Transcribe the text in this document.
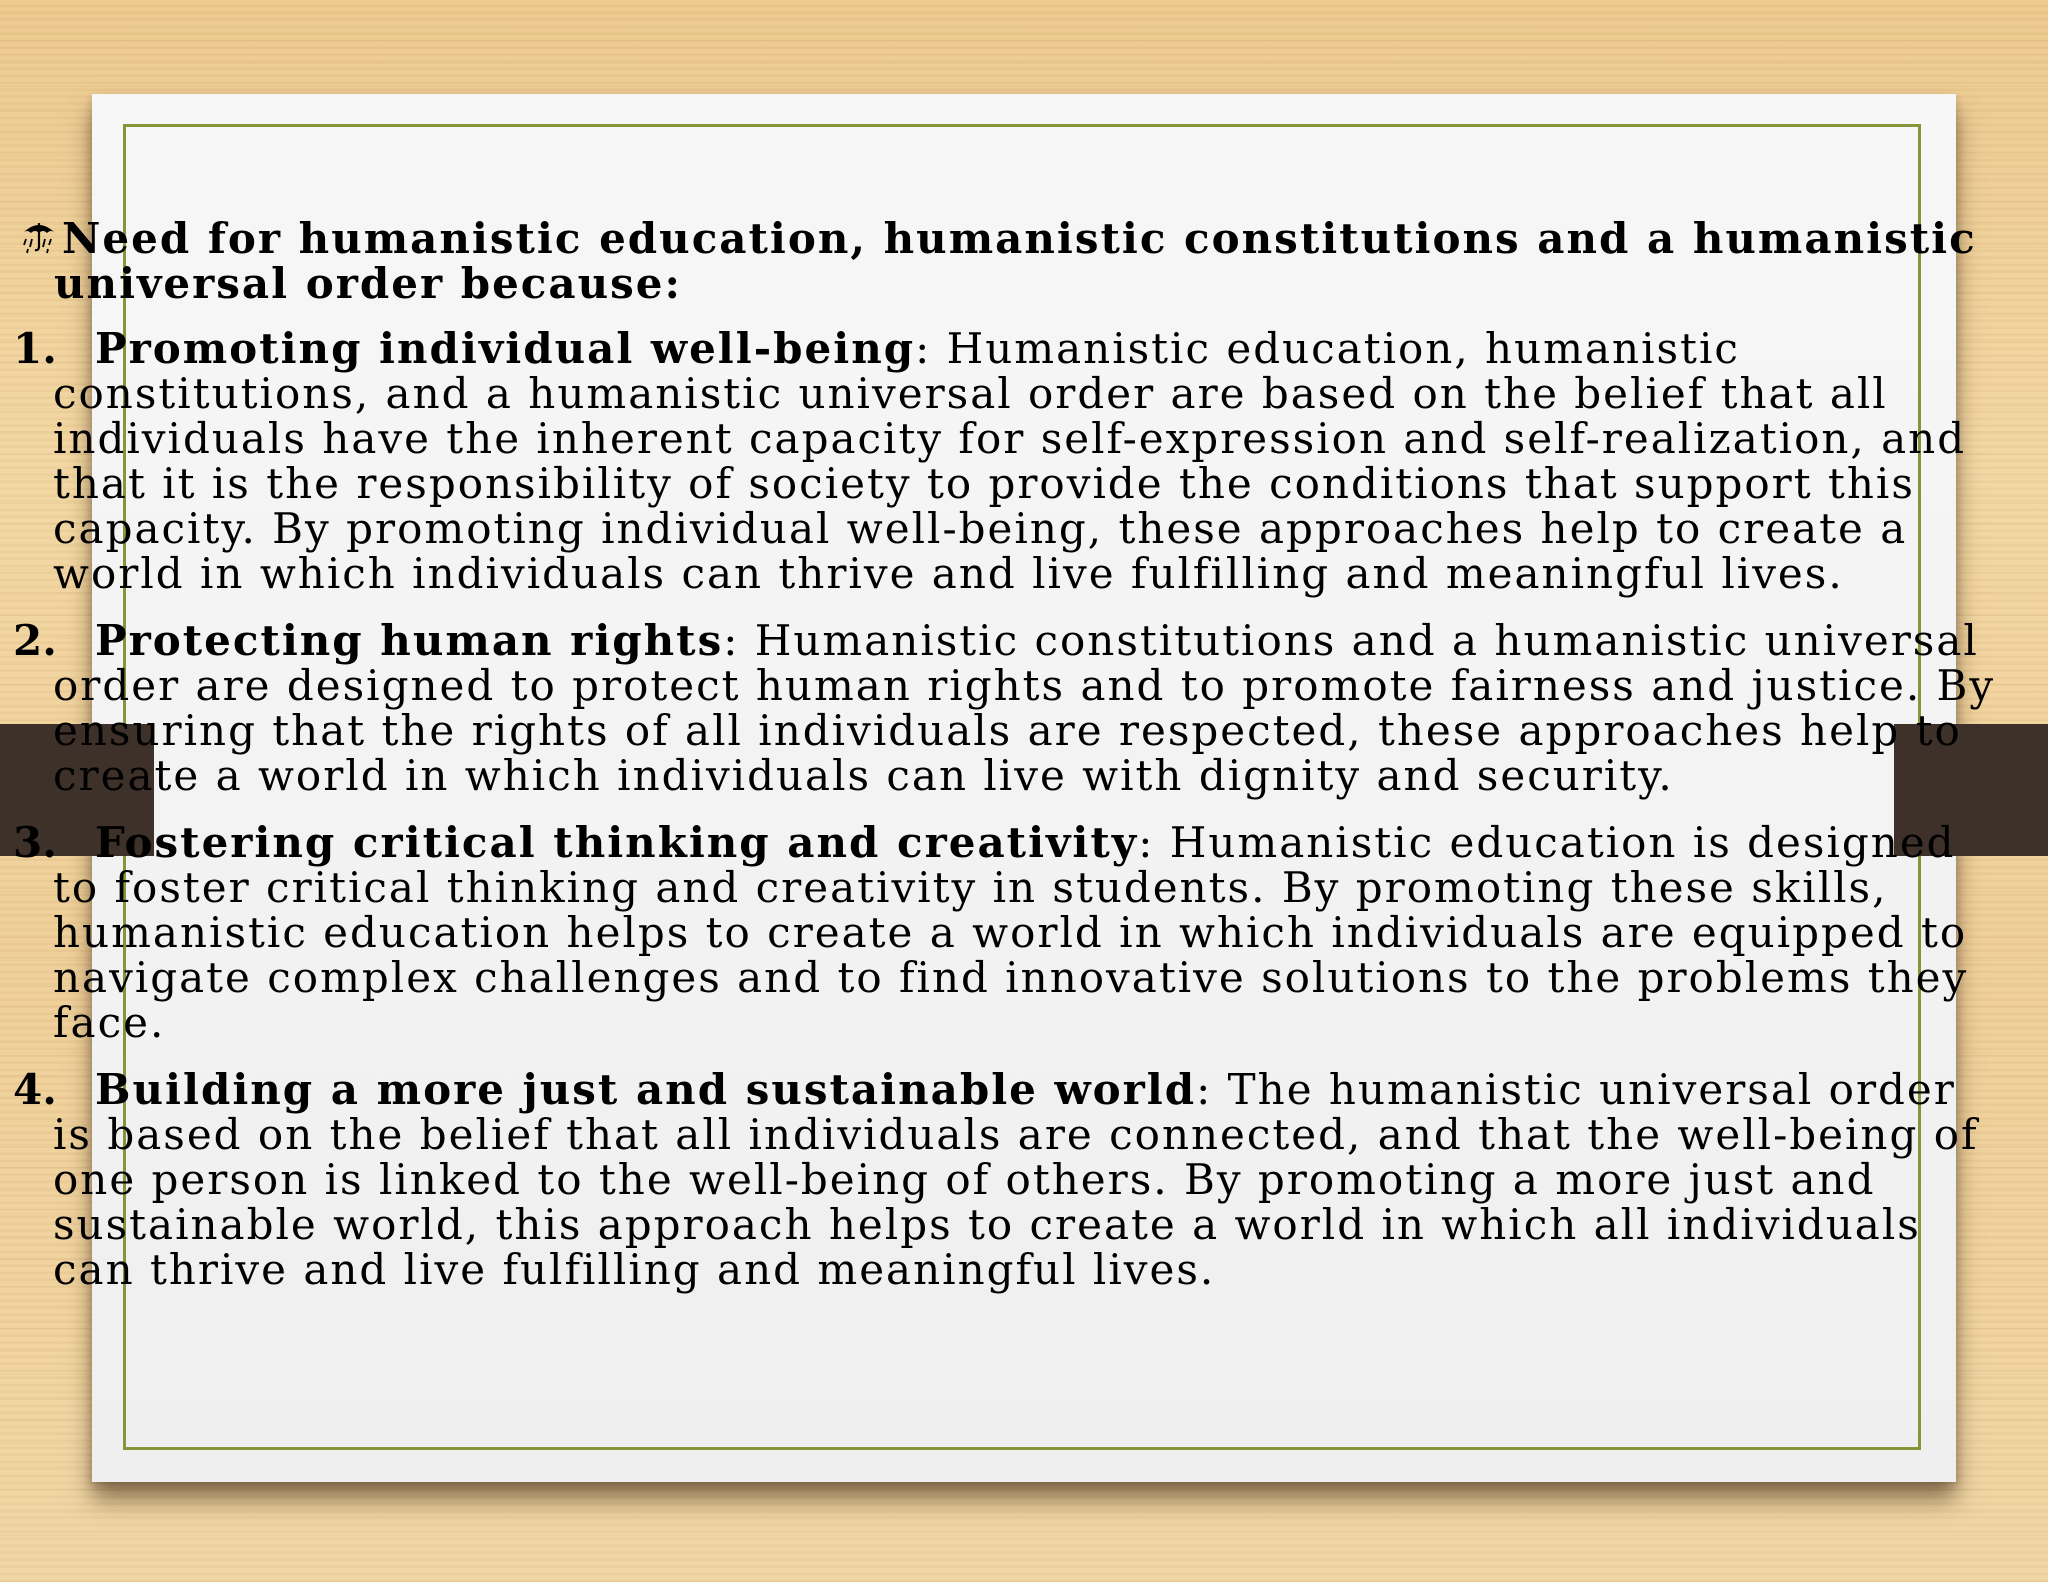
Need for humanistic education, humanistic constitutions and a humanistic universal order because:

1. Promoting individual well-being: Humanistic education, humanistic constitutions, and a humanistic universal order are based on the belief that all individuals have the inherent capacity for self-expression and self-realization, and that it is the responsibility of society to provide the conditions that support this capacity. By promoting individual well-being, these approaches help to create a world in which individuals can thrive and live fulfilling and meaningful lives.

2. Protecting human rights: Humanistic constitutions and a humanistic universal order are designed to protect human rights and to promote fairness and justice. By ensuring that the rights of all individuals are respected, these approaches help to create a world in which individuals can live with dignity and security.

3. Fostering critical thinking and creativity: Humanistic education is designed to foster critical thinking and creativity in students. By promoting these skills, humanistic education helps to create a world in which individuals are equipped to navigate complex challenges and to find innovative solutions to the problems they face.

4. Building a more just and sustainable world: The humanistic universal order is based on the belief that all individuals are connected, and that the well-being of one person is linked to the well-being of others. By promoting a more just and sustainable world, this approach helps to create a world in which all individuals can thrive and live fulfilling and meaningful lives.
